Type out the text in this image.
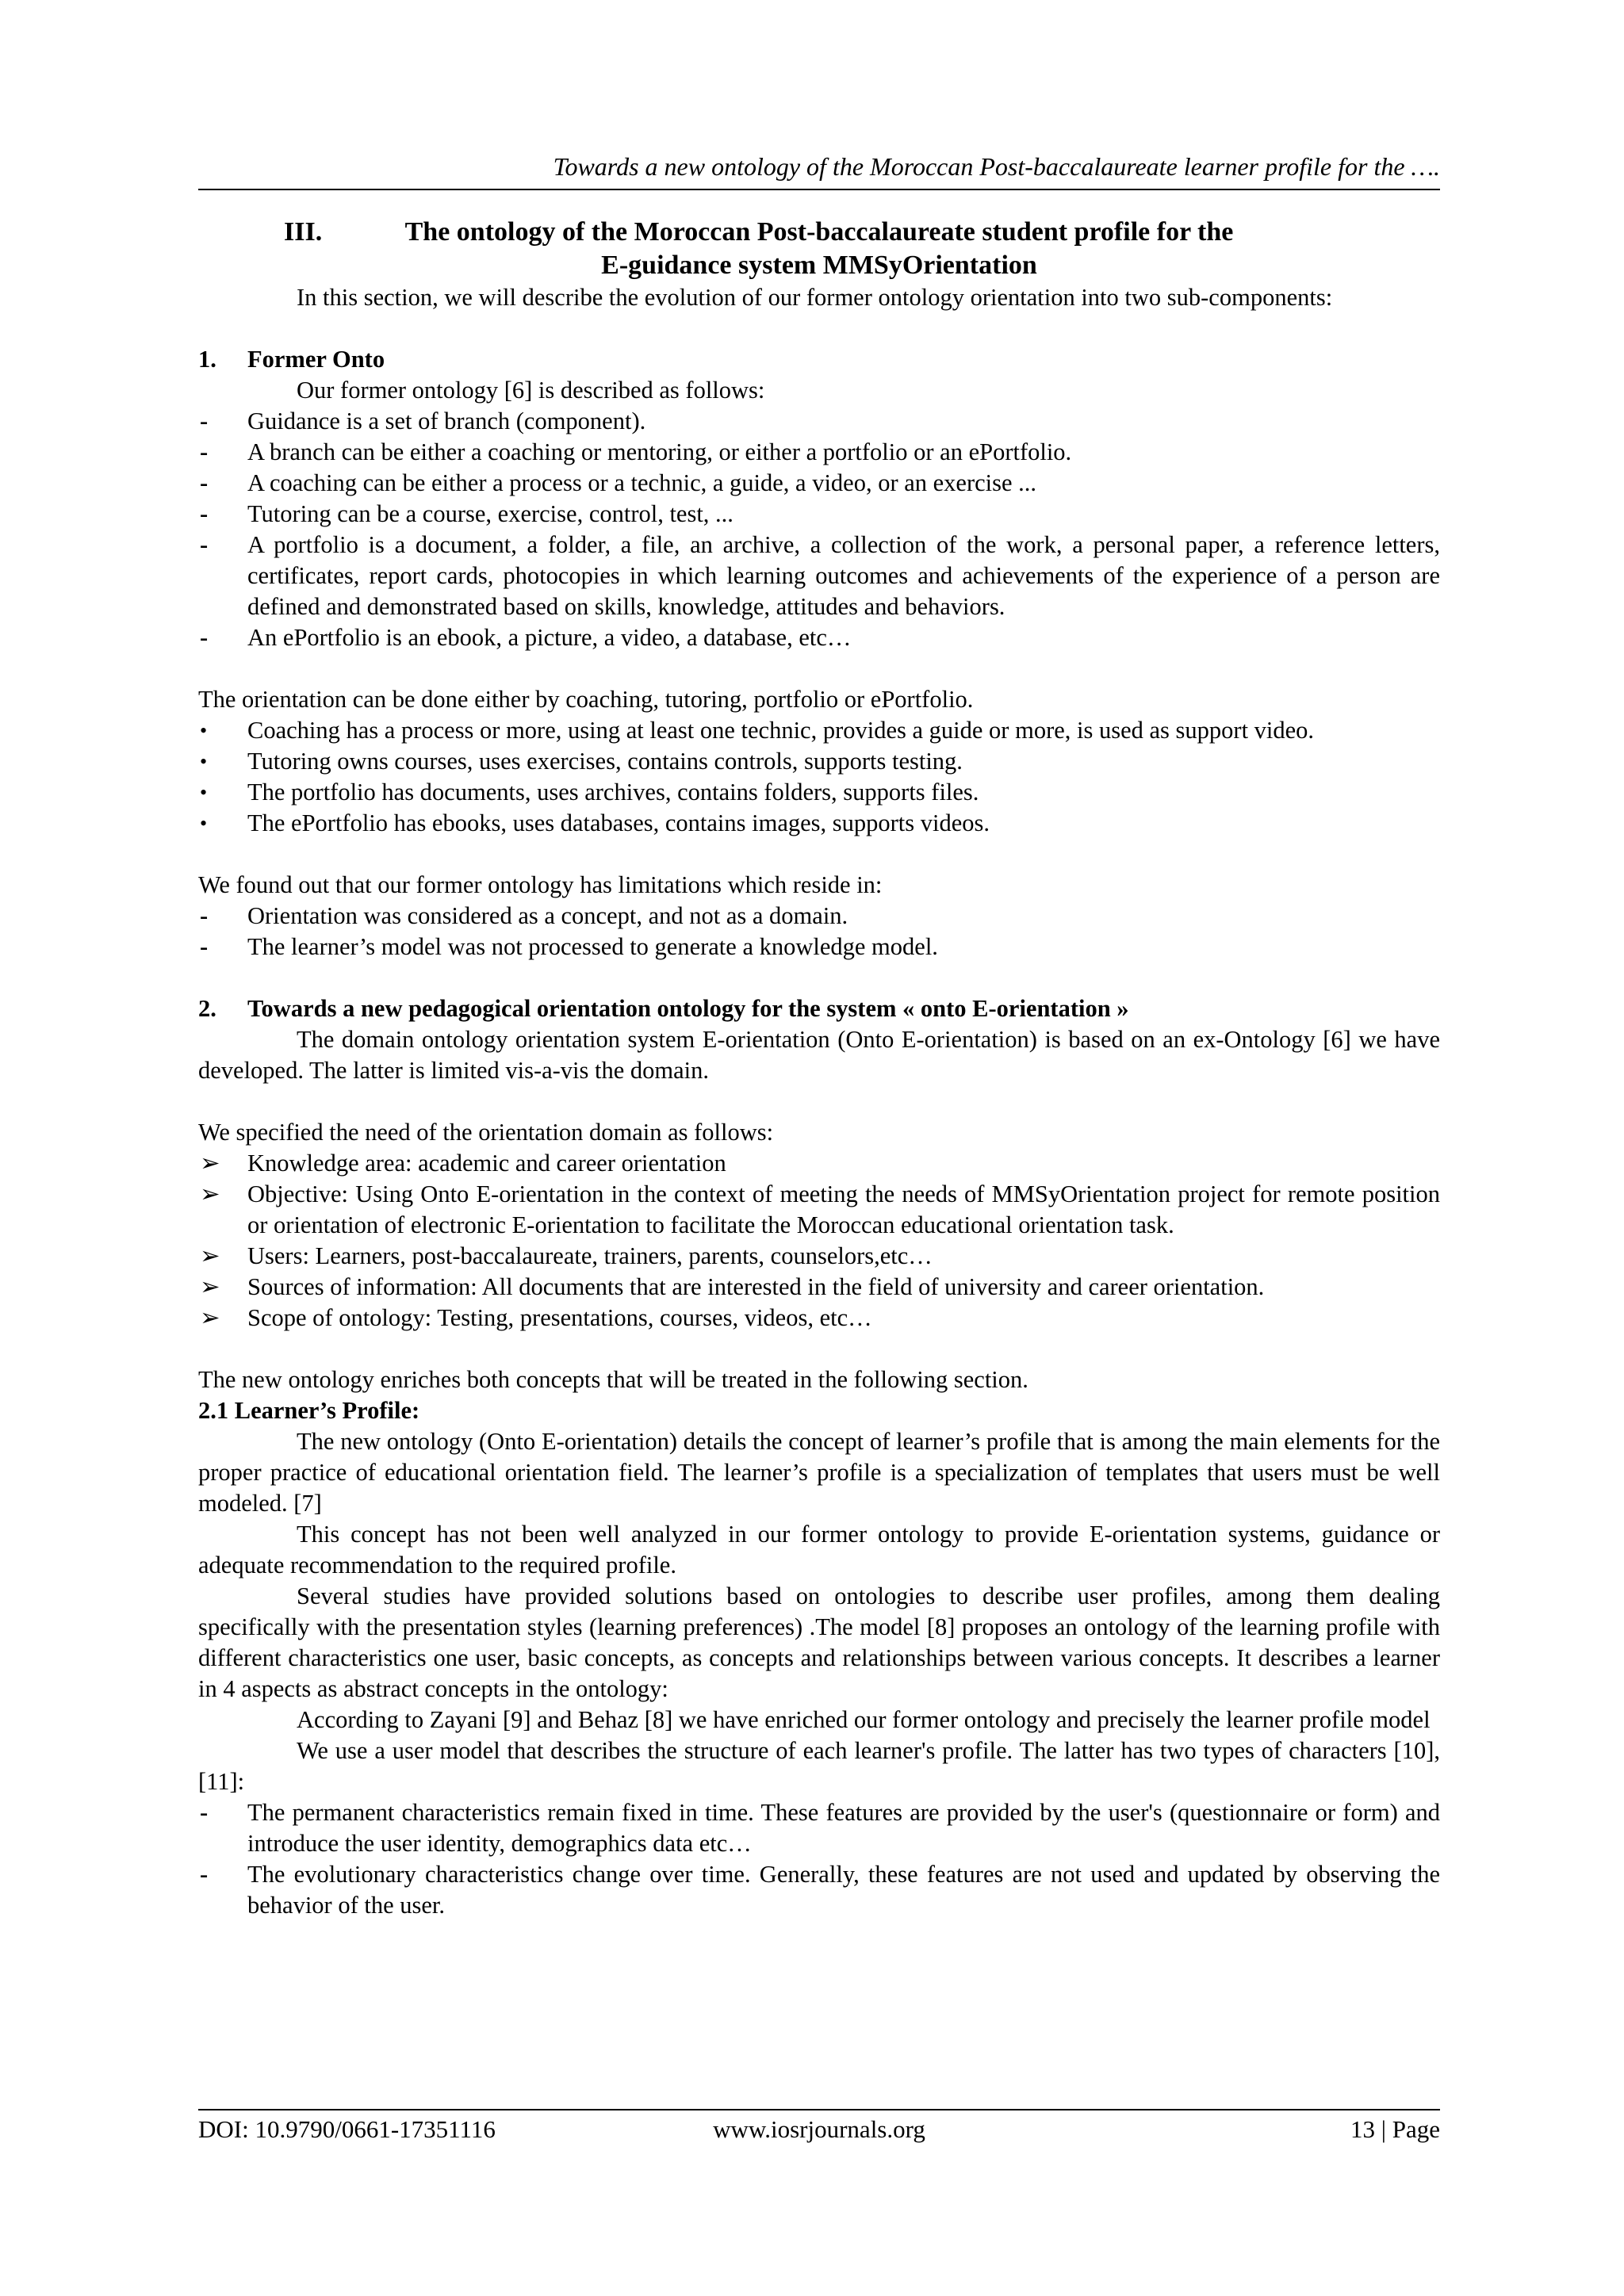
Towards a new ontology of the Moroccan Post-baccalaureate learner profile for the ….
III.	The ontology of the Moroccan Post-baccalaureate student profile for the
E-guidance system MMSyOrientation

In this section, we will describe the evolution of our former ontology orientation into two sub-components:

1. Former Onto

Our former ontology [6] is described as follows:

-	Guidance is a set of branch (component).
-	A branch can be either a coaching or mentoring, or either a portfolio or an ePortfolio.
-	A coaching can be either a process or a technic, a guide, a video, or an exercise ...
-	Tutoring can be a course, exercise, control, test, ...
-	A portfolio is a document, a folder, a file, an archive, a collection of the work, a personal paper, a reference letters, certificates, report cards, photocopies in which learning outcomes and achievements of the experience of a person are defined and demonstrated based on skills, knowledge, attitudes and behaviors.
-	An ePortfolio is an ebook, a picture, a video, a database, etc…

The orientation can be done either by coaching, tutoring, portfolio or ePortfolio.

•	Coaching has a process or more, using at least one technic, provides a guide or more, is used as support video.
•	Tutoring owns courses, uses exercises, contains controls, supports testing.
•	The portfolio has documents, uses archives, contains folders, supports files.
•	The ePortfolio has ebooks, uses databases, contains images, supports videos.

We found out that our former ontology has limitations which reside in:

-	Orientation was considered as a concept, and not as a domain.
-	The learner’s model was not processed to generate a knowledge model.
2. Towards a new pedagogical orientation ontology for the system « onto E-orientation »

The domain ontology orientation system E-orientation (Onto E-orientation) is based on an ex-Ontology [6] we have developed. The latter is limited vis-a-vis the domain.

We specified the need of the orientation domain as follows:

➢	Knowledge area: academic and career orientation
➢	Objective: Using Onto E-orientation in the context of meeting the needs of MMSyOrientation project for remote position or orientation of electronic E-orientation to facilitate the Moroccan educational orientation task.
➢	Users: Learners, post-baccalaureate, trainers, parents, counselors,etc…
➢	Sources of information: All documents that are interested in the field of university and career orientation.
➢	Scope of ontology: Testing, presentations, courses, videos, etc…

The new ontology enriches both concepts that will be treated in the following section.

2.1 Learner’s Profile:

The new ontology (Onto E-orientation) details the concept of learner’s profile that is among the main elements for the proper practice of educational orientation field. The learner’s profile is a specialization of templates that users must be well modeled. [7]

This concept has not been well analyzed in our former ontology to provide E-orientation systems, guidance or adequate recommendation to the required profile.

Several studies have provided solutions based on ontologies to describe user profiles, among them dealing specifically with the presentation styles (learning preferences) .The model [8] proposes an ontology of the learning profile with different characteristics one user, basic concepts, as concepts and relationships between various concepts. It describes a learner in 4 aspects as abstract concepts in the ontology:

According to Zayani [9] and Behaz [8] we have enriched our former ontology and precisely the learner profile model

We use a user model that describes the structure of each learner's profile. The latter has two types of characters [10], [11]:

-	The permanent characteristics remain fixed in time. These features are provided by the user's (questionnaire or form) and introduce the user identity, demographics data etc…
-	The evolutionary characteristics change over time. Generally, these features are not used and updated by observing the behavior of the user.
DOI: 10.9790/0661-17351116	www.iosrjournals.org	13 | Page
